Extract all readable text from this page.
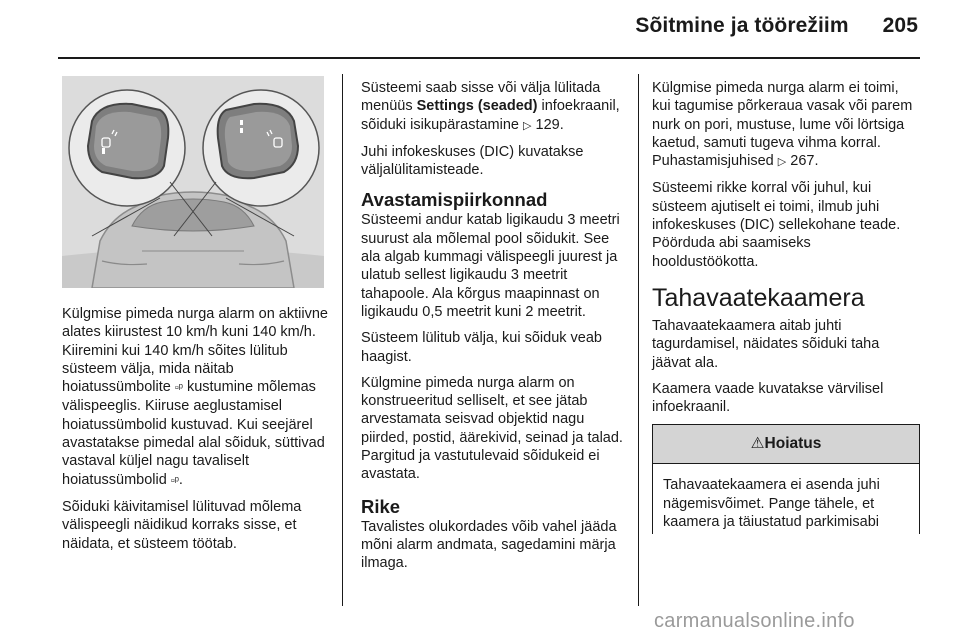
Sõitmine ja töörežiim 205

Külgmise pimeda nurga alarm on aktiivne alates kiirustest 10 km/h kuni 140 km/h. Kiiremini kui 140 km/h sõites lülitub süsteem välja, mida näitab hoiatussümbolite ▫ᵖ kustumine mõlemas välispeeglis. Kiiruse aeglustamisel hoiatussümbolid kustuvad. Kui seejärel avastatakse pimedal alal sõiduk, süttivad vastaval küljel nagu tavaliselt hoiatussümbolid ▫ᵖ.

Sõiduki käivitamisel lülituvad mõlema välispeegli näidikud korraks sisse, et näidata, et süsteem töötab.

Süsteemi saab sisse või välja lülitada menüüs Settings (seaded) infoekraanil, sõiduki isikupärastamine ▷ 129.

Juhi infokeskuses (DIC) kuvatakse väljalülitamisteade.

Avastamispiirkonnad

Süsteemi andur katab ligikaudu 3 meetri suurust ala mõlemal pool sõidukit. See ala algab kummagi välispeegli juurest ja ulatub sellest ligikaudu 3 meetrit tahapoole. Ala kõrgus maapinnast on ligikaudu 0,5 meetrit kuni 2 meetrit.

Süsteem lülitub välja, kui sõiduk veab haagist.

Külgmine pimeda nurga alarm on konstrueeritud selliselt, et see jätab arvestamata seisvad objektid nagu piirded, postid, äärekivid, seinad ja talad. Pargitud ja vastutulevaid sõidukeid ei avastata.

Rike

Tavalistes olukordades võib vahel jääda mõni alarm andmata, sagedamini märja ilmaga.

Külgmise pimeda nurga alarm ei toimi, kui tagumise põrkeraua vasak või parem nurk on pori, mustuse, lume või lörtsiga kaetud, samuti tugeva vihma korral. Puhastamisjuhised ▷ 267.

Süsteemi rikke korral või juhul, kui süsteem ajutiselt ei toimi, ilmub juhi infokeskuses (DIC) sellekohane teade. Pöörduda abi saamiseks hooldustöökotta.

Tahavaatekaamera

Tahavaatekaamera aitab juhti tagurdamisel, näidates sõiduki taha jäävat ala.

Kaamera vaade kuvatakse värvilisel infoekraanil.

⚠Hoiatus
Tahavaatekaamera ei asenda juhi nägemisvõimet. Pange tähele, et kaamera ja täiustatud parkimisabi
carmanualsonline.info
